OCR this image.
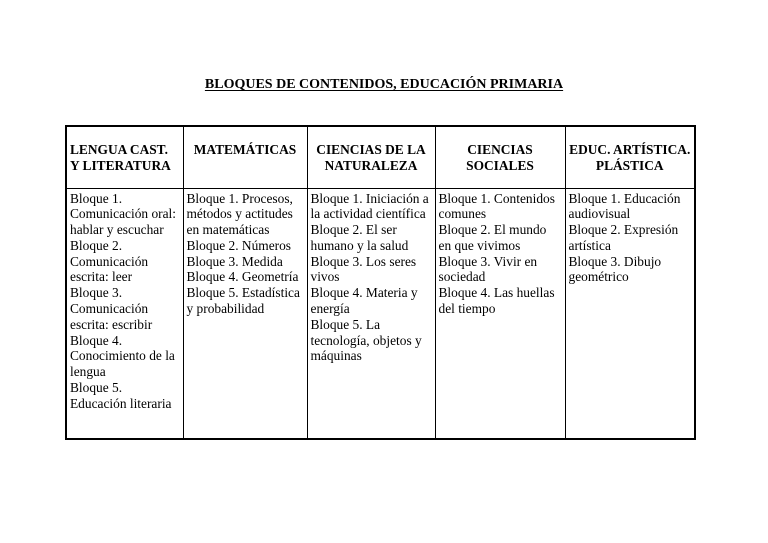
BLOQUES DE CONTENIDOS, EDUCACIÓN PRIMARIA
LENGUA CAST. Y LITERATURA	MATEMÁTICAS	CIENCIAS DE LA NATURALEZA	CIENCIAS SOCIALES	EDUC. ARTÍSTICA. PLÁSTICA

Bloque 1. Comunicación oral: hablar y escuchar
Bloque 2. Comunicación escrita: leer
Bloque 3. Comunicación escrita: escribir
Bloque 4. Conocimiento de la lengua
Bloque 5. Educación literaria	Bloque 1. Procesos, métodos y actitudes en matemáticas
Bloque 2. Números
Bloque 3. Medida
Bloque 4. Geometría
Bloque 5. Estadística y probabilidad	Bloque 1. Iniciación a la actividad científica
Bloque 2. El ser humano y la salud
Bloque 3. Los seres vivos
Bloque 4. Materia y energía
Bloque 5. La tecnología, objetos y máquinas	Bloque 1. Contenidos comunes
Bloque 2. El mundo en que vivimos
Bloque 3. Vivir en sociedad
Bloque 4. Las huellas del tiempo	Bloque 1. Educación audiovisual
Bloque 2. Expresión artística
Bloque 3. Dibujo geométrico
